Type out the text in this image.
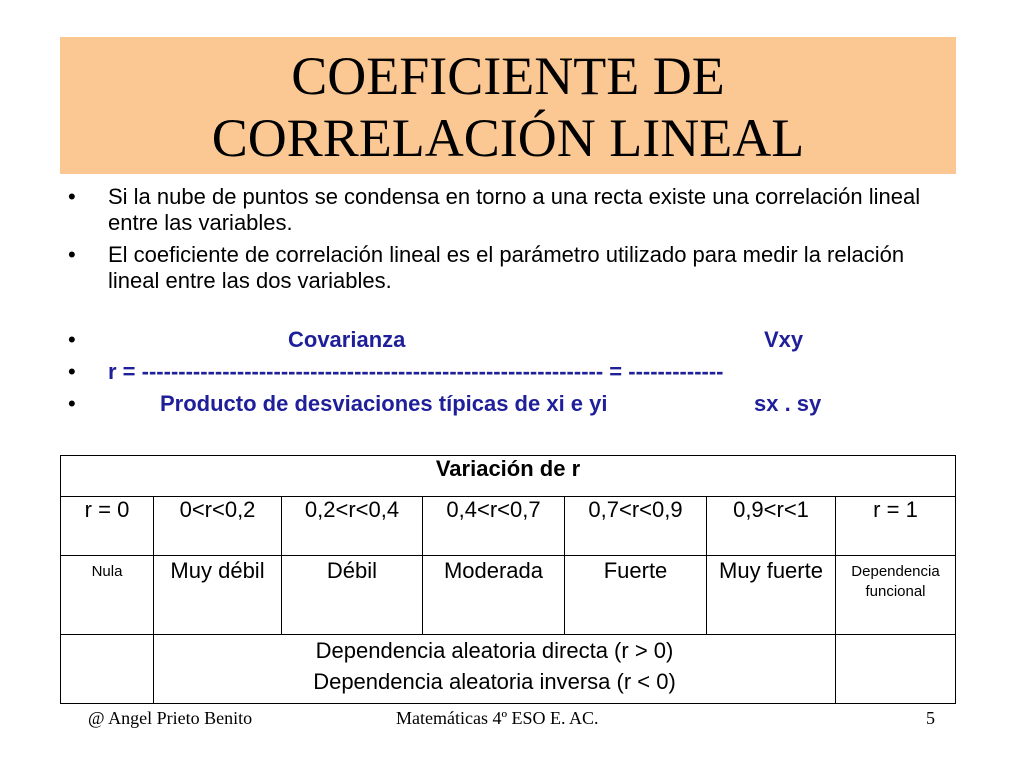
COEFICIENTE DE
CORRELACIÓN LINEAL
•	Si la nube de puntos se condensa en torno a una recta existe una correlación lineal entre las variables.
•	El coeficiente de correlación lineal es el parámetro utilizado para medir la relación lineal entre las dos variables.
•	Covarianza	Vxy
• r = --------------------------------------------------------------- = -------------
•	Producto de desviaciones típicas de xi e yi	sx . sy
Variación de r						
r = 0	0<r<0,2	0,2<r<0,4	0,4<r<0,7	0,7<r<0,9	0,9<r<1	r = 1
Nula	Muy débil	Débil	Moderada	Fuerte	Muy fuerte	Dependencia funcional

	Dependencia aleatoria directa (r > 0)
Dependencia aleatoria inversa (r < 0)					

@ Angel Prieto Benito	Matemáticas 4º ESO E. AC.	5
